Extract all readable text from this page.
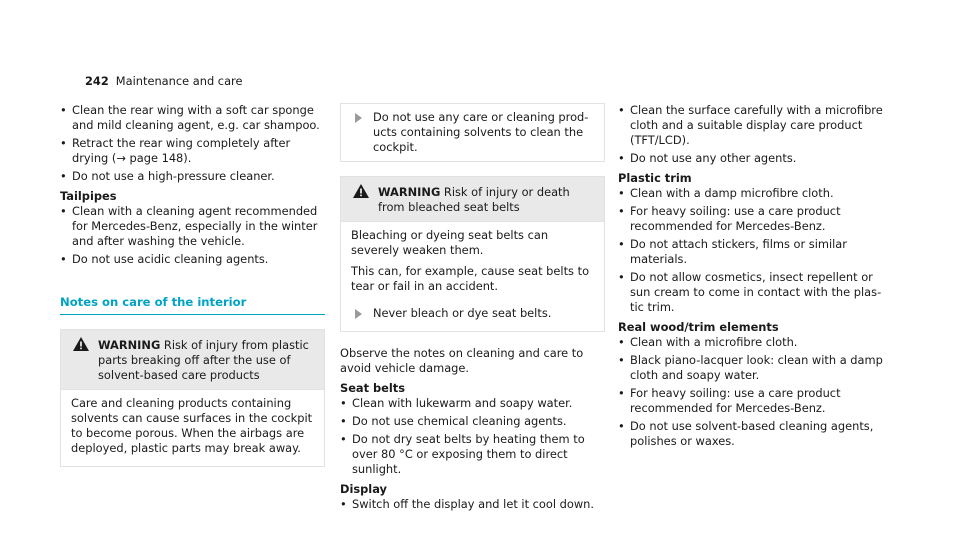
242 Maintenance and care

• Clean the rear wing with a soft car sponge and mild cleaning agent, e.g. car shampoo.

• Retract the rear wing completely after drying (→ page 148).

• Do not use a high-pressure cleaner.

Tailpipes

• Clean with a cleaning agent recommended for Mercedes-Benz, especially in the winter and after washing the vehicle.

• Do not use acidic cleaning agents.

Notes on care of the interior

WARNING Risk of injury from plastic parts breaking off after the use of solvent-based care products

Care and cleaning products containing solvents can cause surfaces in the cockpit to become porous. When the airbags are deployed, plastic parts may break away.

Do not use any care or cleaning products containing solvents to clean the cockpit.
WARNING Risk of injury or death from bleached seat belts

Bleaching or dyeing seat belts can severely weaken them.

This can, for example, cause seat belts to tear or fail in an accident.

Never bleach or dye seat belts.

Observe the notes on cleaning and care to avoid vehicle damage.

Seat belts

• Clean with lukewarm and soapy water.

• Do not use chemical cleaning agents.

• Do not dry seat belts by heating them to over 80 °C or exposing them to direct sunlight.

Display

• Switch off the display and let it cool down.

• Clean the surface carefully with a microfibre cloth and a suitable display care product (TFT/LCD).

• Do not use any other agents.

Plastic trim

• Clean with a damp microfibre cloth.

• For heavy soiling: use a care product recommended for Mercedes-Benz.

• Do not attach stickers, films or similar materials.

• Do not allow cosmetics, insect repellent or sun cream to come in contact with the plastic trim.

Real wood/trim elements

• Clean with a microfibre cloth.

• Black piano-lacquer look: clean with a damp cloth and soapy water.

• For heavy soiling: use a care product recommended for Mercedes-Benz.

• Do not use solvent-based cleaning agents, polishes or waxes.
